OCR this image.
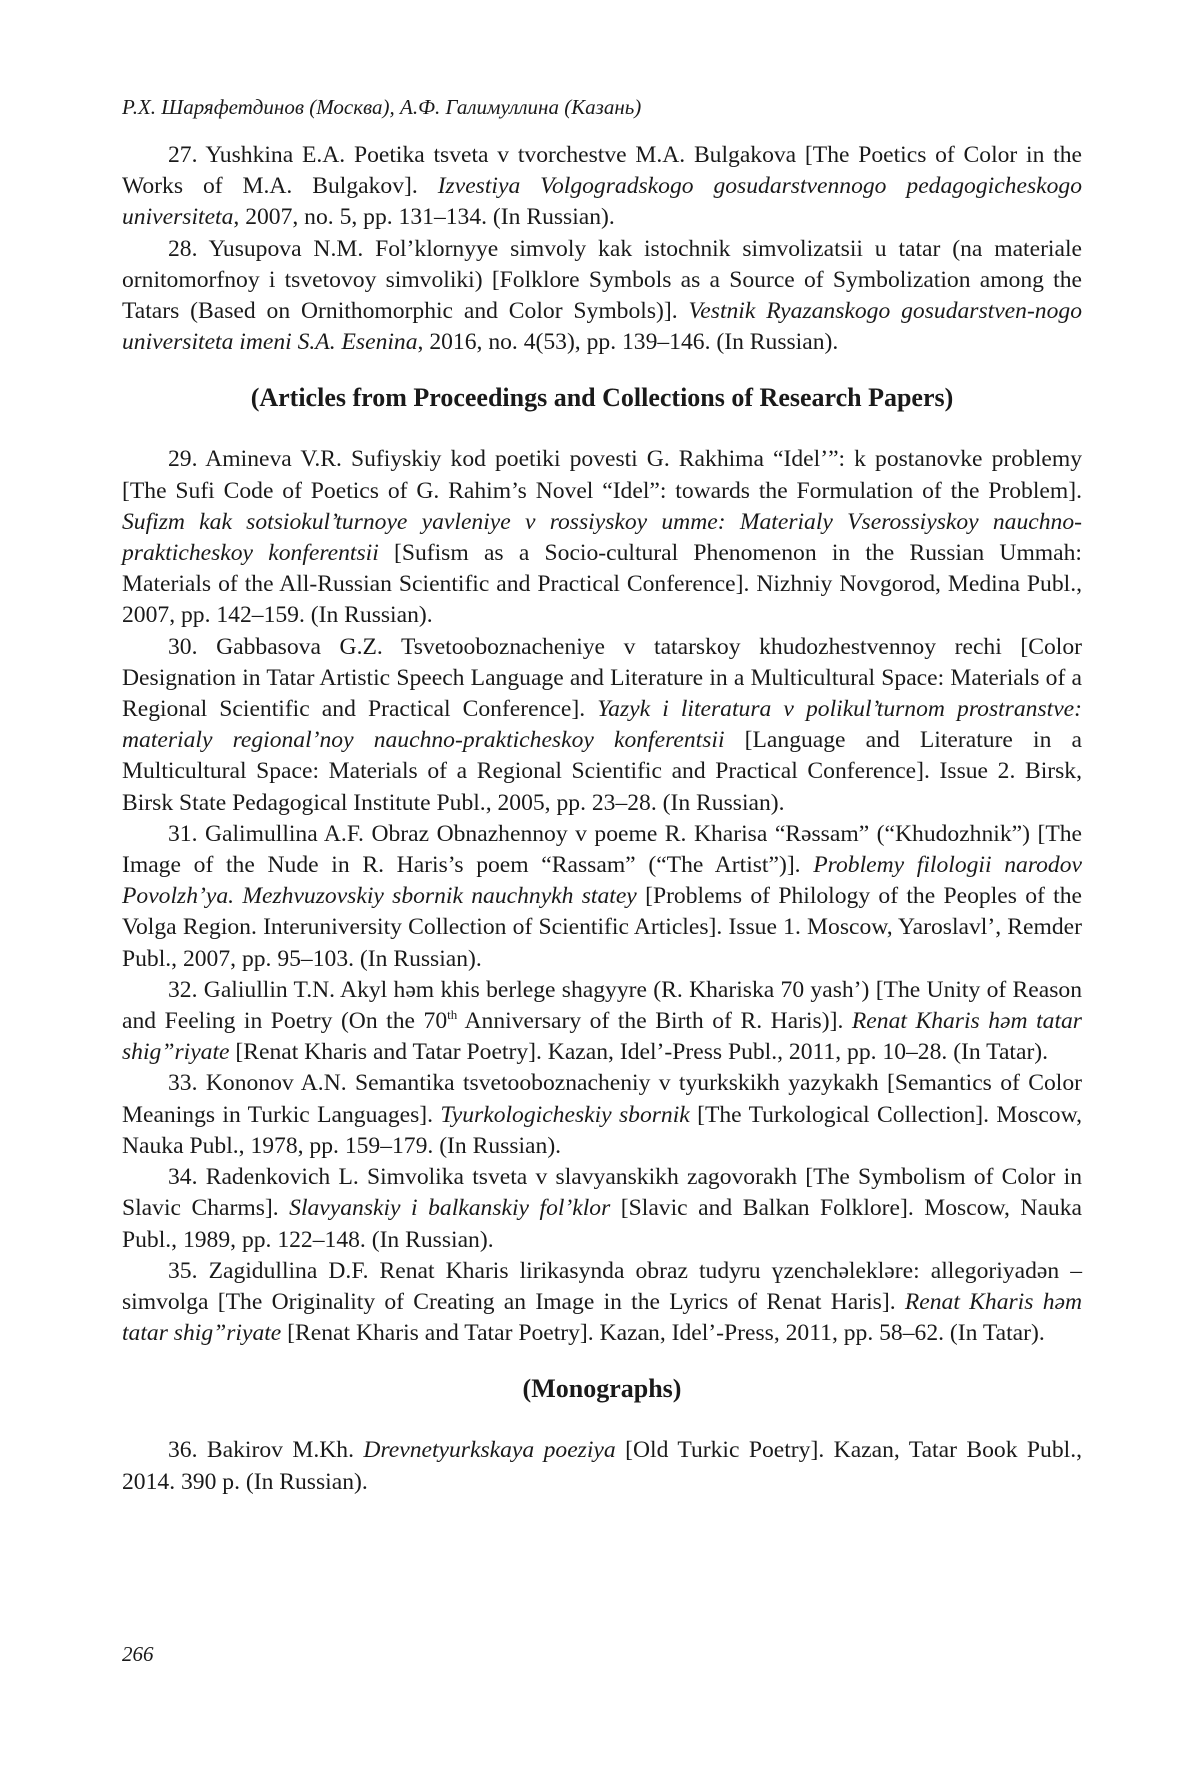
Р.Х. Шаряфетдинов (Москва), А.Ф. Галимуллина (Казань)

27. Yushkina E.A. Poetika tsveta v tvorchestve M.A. Bulgakova [The Poetics of Color in the Works of M.A. Bulgakov]. Izvestiya Volgogradskogo gosudarstvennogo pedagogicheskogo universiteta, 2007, no. 5, pp. 131–134. (In Russian).

28. Yusupova N.M. Fol’klornyye simvoly kak istochnik simvolizatsii u tatar (na materiale ornitomorfnoy i tsvetovoy simvoliki) [Folklore Symbols as a Source of Symbolization among the Tatars (Based on Ornithomorphic and Color Symbols)]. Vestnik Ryazanskogo gosudarstven-nogo universiteta imeni S.A. Esenina, 2016, no. 4(53), pp. 139–146. (In Russian).

(Articles from Proceedings and Collections of Research Papers)

29. Amineva V.R. Sufiyskiy kod poetiki povesti G. Rakhima “Idel’”: k postanovke problemy [The Sufi Code of Poetics of G. Rahim’s Novel “Idel”: towards the Formulation of the Problem]. Sufizm kak sotsiokul’turnoye yavleniye v rossiyskoy umme: Materialy Vserossiyskoy nauchno-prakticheskoy konferentsii [Sufism as a Socio-cultural Phenomenon in the Russian Ummah: Materials of the All-Russian Scientific and Practical Conference]. Nizhniy Novgorod, Medina Publ., 2007, pp. 142–159. (In Russian).

30. Gabbasova G.Z. Tsvetooboznacheniye v tatarskoy khudozhestvennoy rechi [Color Designation in Tatar Artistic Speech Language and Literature in a Multicultural Space: Materials of a Regional Scientific and Practical Conference]. Yazyk i literatura v polikul’turnom prostranstve: materialy regional’noy nauchno-prakticheskoy konferentsii [Language and Literature in a Multicultural Space: Materials of a Regional Scientific and Practical Conference]. Issue 2. Birsk, Birsk State Pedagogical Institute Publ., 2005, pp. 23–28. (In Russian).

31. Galimullina A.F. Obraz Obnazhennoy v poeme R. Kharisa “Rəssam” (“Khudozhnik”) [The Image of the Nude in R. Haris’s poem “Rassam” (“The Artist”)]. Problemy filologii narodov Povolzh’ya. Mezhvuzovskiy sbornik nauchnykh statey [Problems of Philology of the Peoples of the Volga Region. Interuniversity Collection of Scientific Articles]. Issue 1. Moscow, Yaroslavl’, Remder Publ., 2007, pp. 95–103. (In Russian).

32. Galiullin T.N. Akyl həm khis berlege shagyyre (R. Khariska 70 yash’) [The Unity of Reason and Feeling in Poetry (On the 70th Anniversary of the Birth of R. Haris)]. Renat Kharis həm tatar shig”riyate [Renat Kharis and Tatar Poetry]. Kazan, Idel’-Press Publ., 2011, pp. 10–28. (In Tatar).

33. Kononov A.N. Semantika tsvetooboznacheniy v tyurkskikh yazykakh [Semantics of Color Meanings in Turkic Languages]. Tyurkologicheskiy sbornik [The Turkological Collection]. Moscow, Nauka Publ., 1978, pp. 159–179. (In Russian).

34. Radenkovich L. Simvolika tsveta v slavyanskikh zagovorakh [The Symbolism of Color in Slavic Charms]. Slavyanskiy i balkanskiy fol’klor [Slavic and Balkan Folklore]. Moscow, Nauka Publ., 1989, pp. 122–148. (In Russian).

35. Zagidullina D.F. Renat Kharis lirikasynda obraz tudyru үzenchəleklәre: allegoriyadən – simvolga [The Originality of Creating an Image in the Lyrics of Renat Haris]. Renat Kharis həm tatar shig”riyate [Renat Kharis and Tatar Poetry]. Kazan, Idel’-Press, 2011, pp. 58–62. (In Tatar).

(Monographs)

36. Bakirov M.Kh. Drevnetyurkskaya poeziya [Old Turkic Poetry]. Kazan, Tatar Book Publ., 2014. 390 p. (In Russian).

266
